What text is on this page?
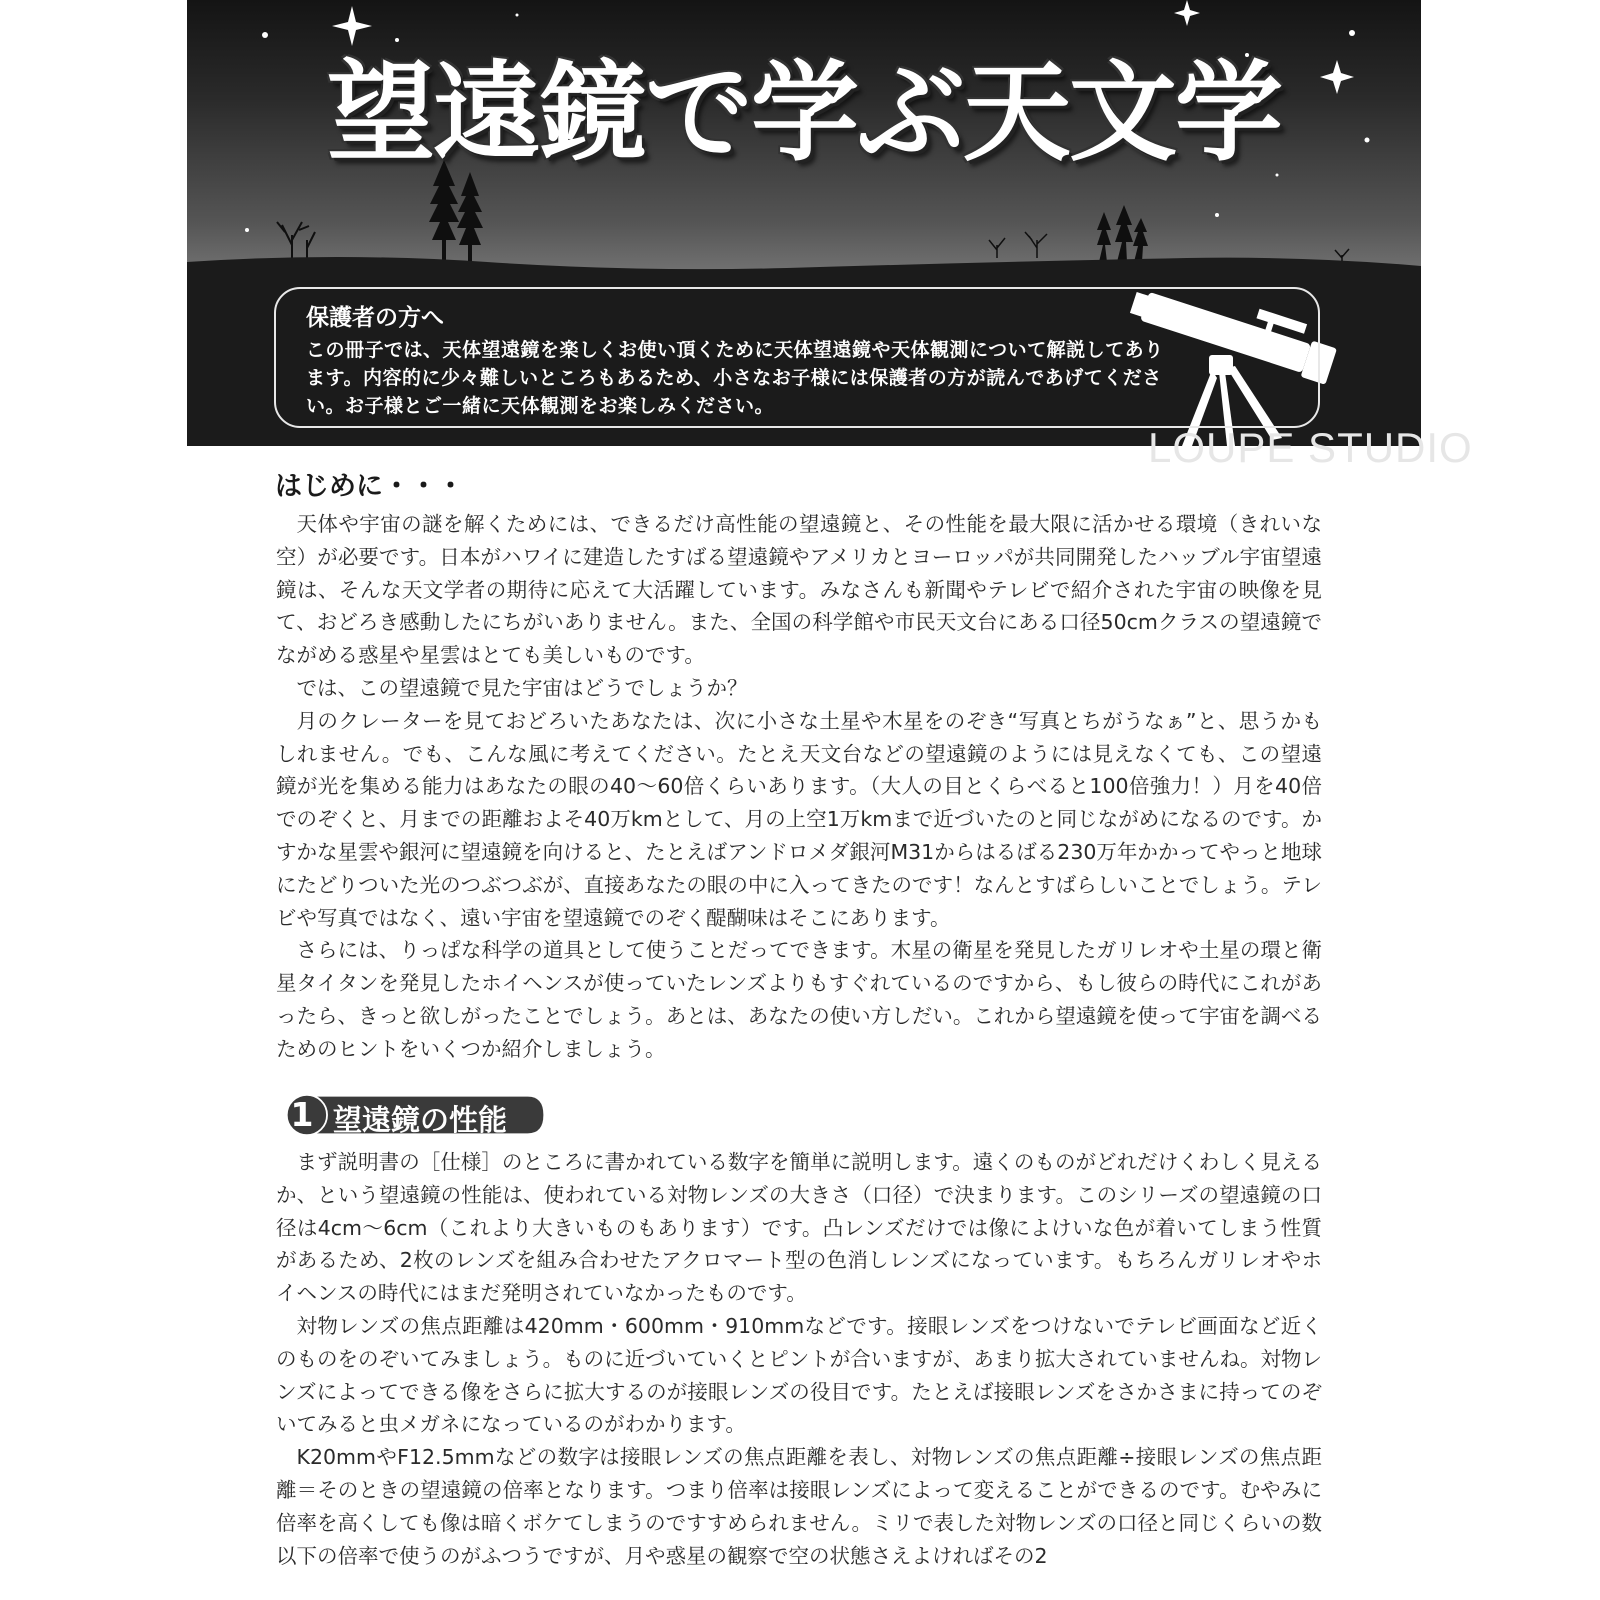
望遠鏡で学ぶ天文学
保護者の方へ
この冊子では、天体望遠鏡を楽しくお使い頂くために天体望遠鏡や天体観測について解説してあります。内容的に少々難しいところもあるため、小さなお子様には保護者の方が読んであげてください。お子様とご一緒に天体観測をお楽しみください。
LOUPE STUDIO
はじめに・・・

天体や宇宙の謎を解くためには、できるだけ高性能の望遠鏡と、その性能を最大限に活かせる環境（きれいな空）が必要です。日本がハワイに建造したすばる望遠鏡やアメリカとヨーロッパが共同開発したハッブル宇宙望遠鏡は、そんな天文学者の期待に応えて大活躍しています。みなさんも新聞やテレビで紹介された宇宙の映像を見て、おどろき感動したにちがいありません。また、全国の科学館や市民天文台にある口径50cmクラスの望遠鏡でながめる惑星や星雲はとても美しいものです。

では、この望遠鏡で見た宇宙はどうでしょうか？

月のクレーターを見ておどろいたあなたは、次に小さな土星や木星をのぞき“写真とちがうなぁ”と、思うかもしれません。でも、こんな風に考えてください。たとえ天文台などの望遠鏡のようには見えなくても、この望遠鏡が光を集める能力はあなたの眼の40～60倍くらいあります。（大人の目とくらべると100倍強力！）月を40倍でのぞくと、月までの距離およそ40万kmとして、月の上空1万kmまで近づいたのと同じながめになるのです。かすかな星雲や銀河に望遠鏡を向けると、たとえばアンドロメダ銀河M31からはるばる230万年かかってやっと地球にたどりついた光のつぶつぶが、直接あなたの眼の中に入ってきたのです！なんとすばらしいことでしょう。テレビや写真ではなく、遠い宇宙を望遠鏡でのぞく醍醐味はそこにあります。

さらには、りっぱな科学の道具として使うことだってできます。木星の衛星を発見したガリレオや土星の環と衛星タイタンを発見したホイヘンスが使っていたレンズよりもすぐれているのですから、もし彼らの時代にこれがあったら、きっと欲しがったことでしょう。あとは、あなたの使い方しだい。これから望遠鏡を使って宇宙を調べるためのヒントをいくつか紹介しましょう。

1 望遠鏡の性能

まず説明書の［仕様］のところに書かれている数字を簡単に説明します。遠くのものがどれだけくわしく見えるか、という望遠鏡の性能は、使われている対物レンズの大きさ（口径）で決まります。このシリーズの望遠鏡の口径は4cm～6cm（これより大きいものもあります）です。凸レンズだけでは像によけいな色が着いてしまう性質があるため、2枚のレンズを組み合わせたアクロマート型の色消しレンズになっています。もちろんガリレオやホイヘンスの時代にはまだ発明されていなかったものです。

対物レンズの焦点距離は420mm・600mm・910mmなどです。接眼レンズをつけないでテレビ画面など近くのものをのぞいてみましょう。ものに近づいていくとピントが合いますが、あまり拡大されていませんね。対物レンズによってできる像をさらに拡大するのが接眼レンズの役目です。たとえば接眼レンズをさかさまに持ってのぞいてみると虫メガネになっているのがわかります。

K20mmやF12.5mmなどの数字は接眼レンズの焦点距離を表し、対物レンズの焦点距離÷接眼レンズの焦点距離＝そのときの望遠鏡の倍率となります。つまり倍率は接眼レンズによって変えることができるのです。むやみに倍率を高くしても像は暗くボケてしまうのですすめられません。ミリで表した対物レンズの口径と同じくらいの数以下の倍率で使うのがふつうですが、月や惑星の観察で空の状態さえよければその2
